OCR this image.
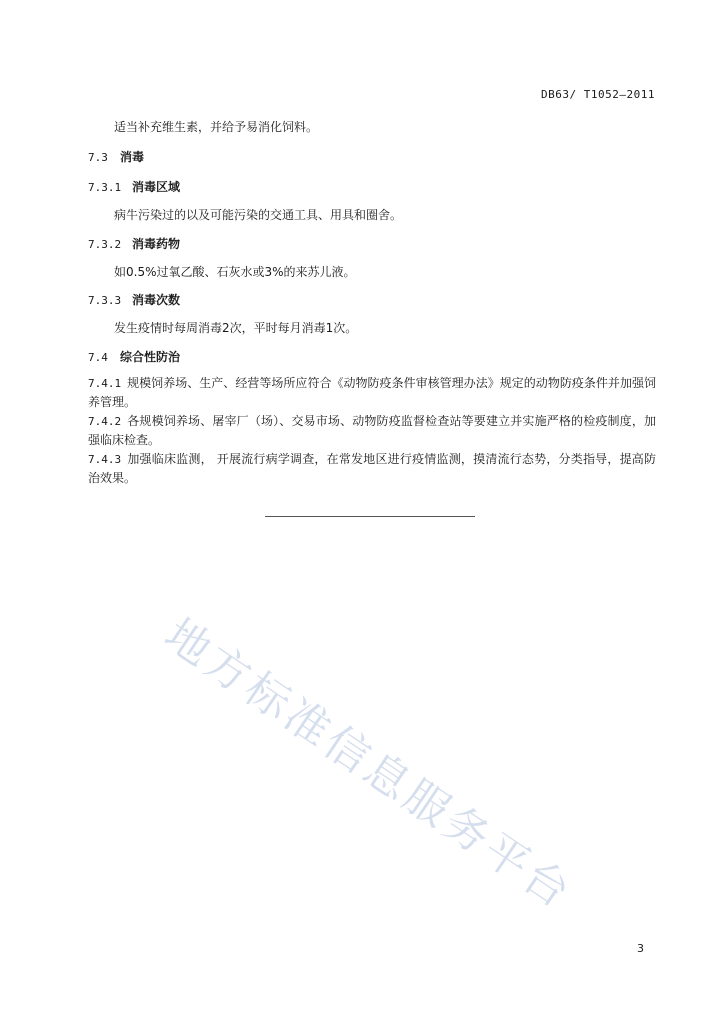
DB63/ T1052—2011
适当补充维生素，并给予易消化饲料。
7.3 消毒
7.3.1 消毒区域
病牛污染过的以及可能污染的交通工具、用具和圈舍。
7.3.2 消毒药物
如0.5%过氧乙酸、石灰水或3%的来苏儿液。
7.3.3 消毒次数
发生疫情时每周消毒2次，平时每月消毒1次。
7.4 综合性防治
7.4.1 规模饲养场、生产、经营等场所应符合《动物防疫条件审核管理办法》规定的动物防疫条件并加强饲养管理。
7.4.2 各规模饲养场、屠宰厂（场）、交易市场、动物防疫监督检查站等要建立并实施严格的检疫制度，加强临床检查。
7.4.3 加强临床监测， 开展流行病学调查，在常发地区进行疫情监测，摸清流行态势，分类指导，提高防治效果。
地方标准信息服务平台
3
